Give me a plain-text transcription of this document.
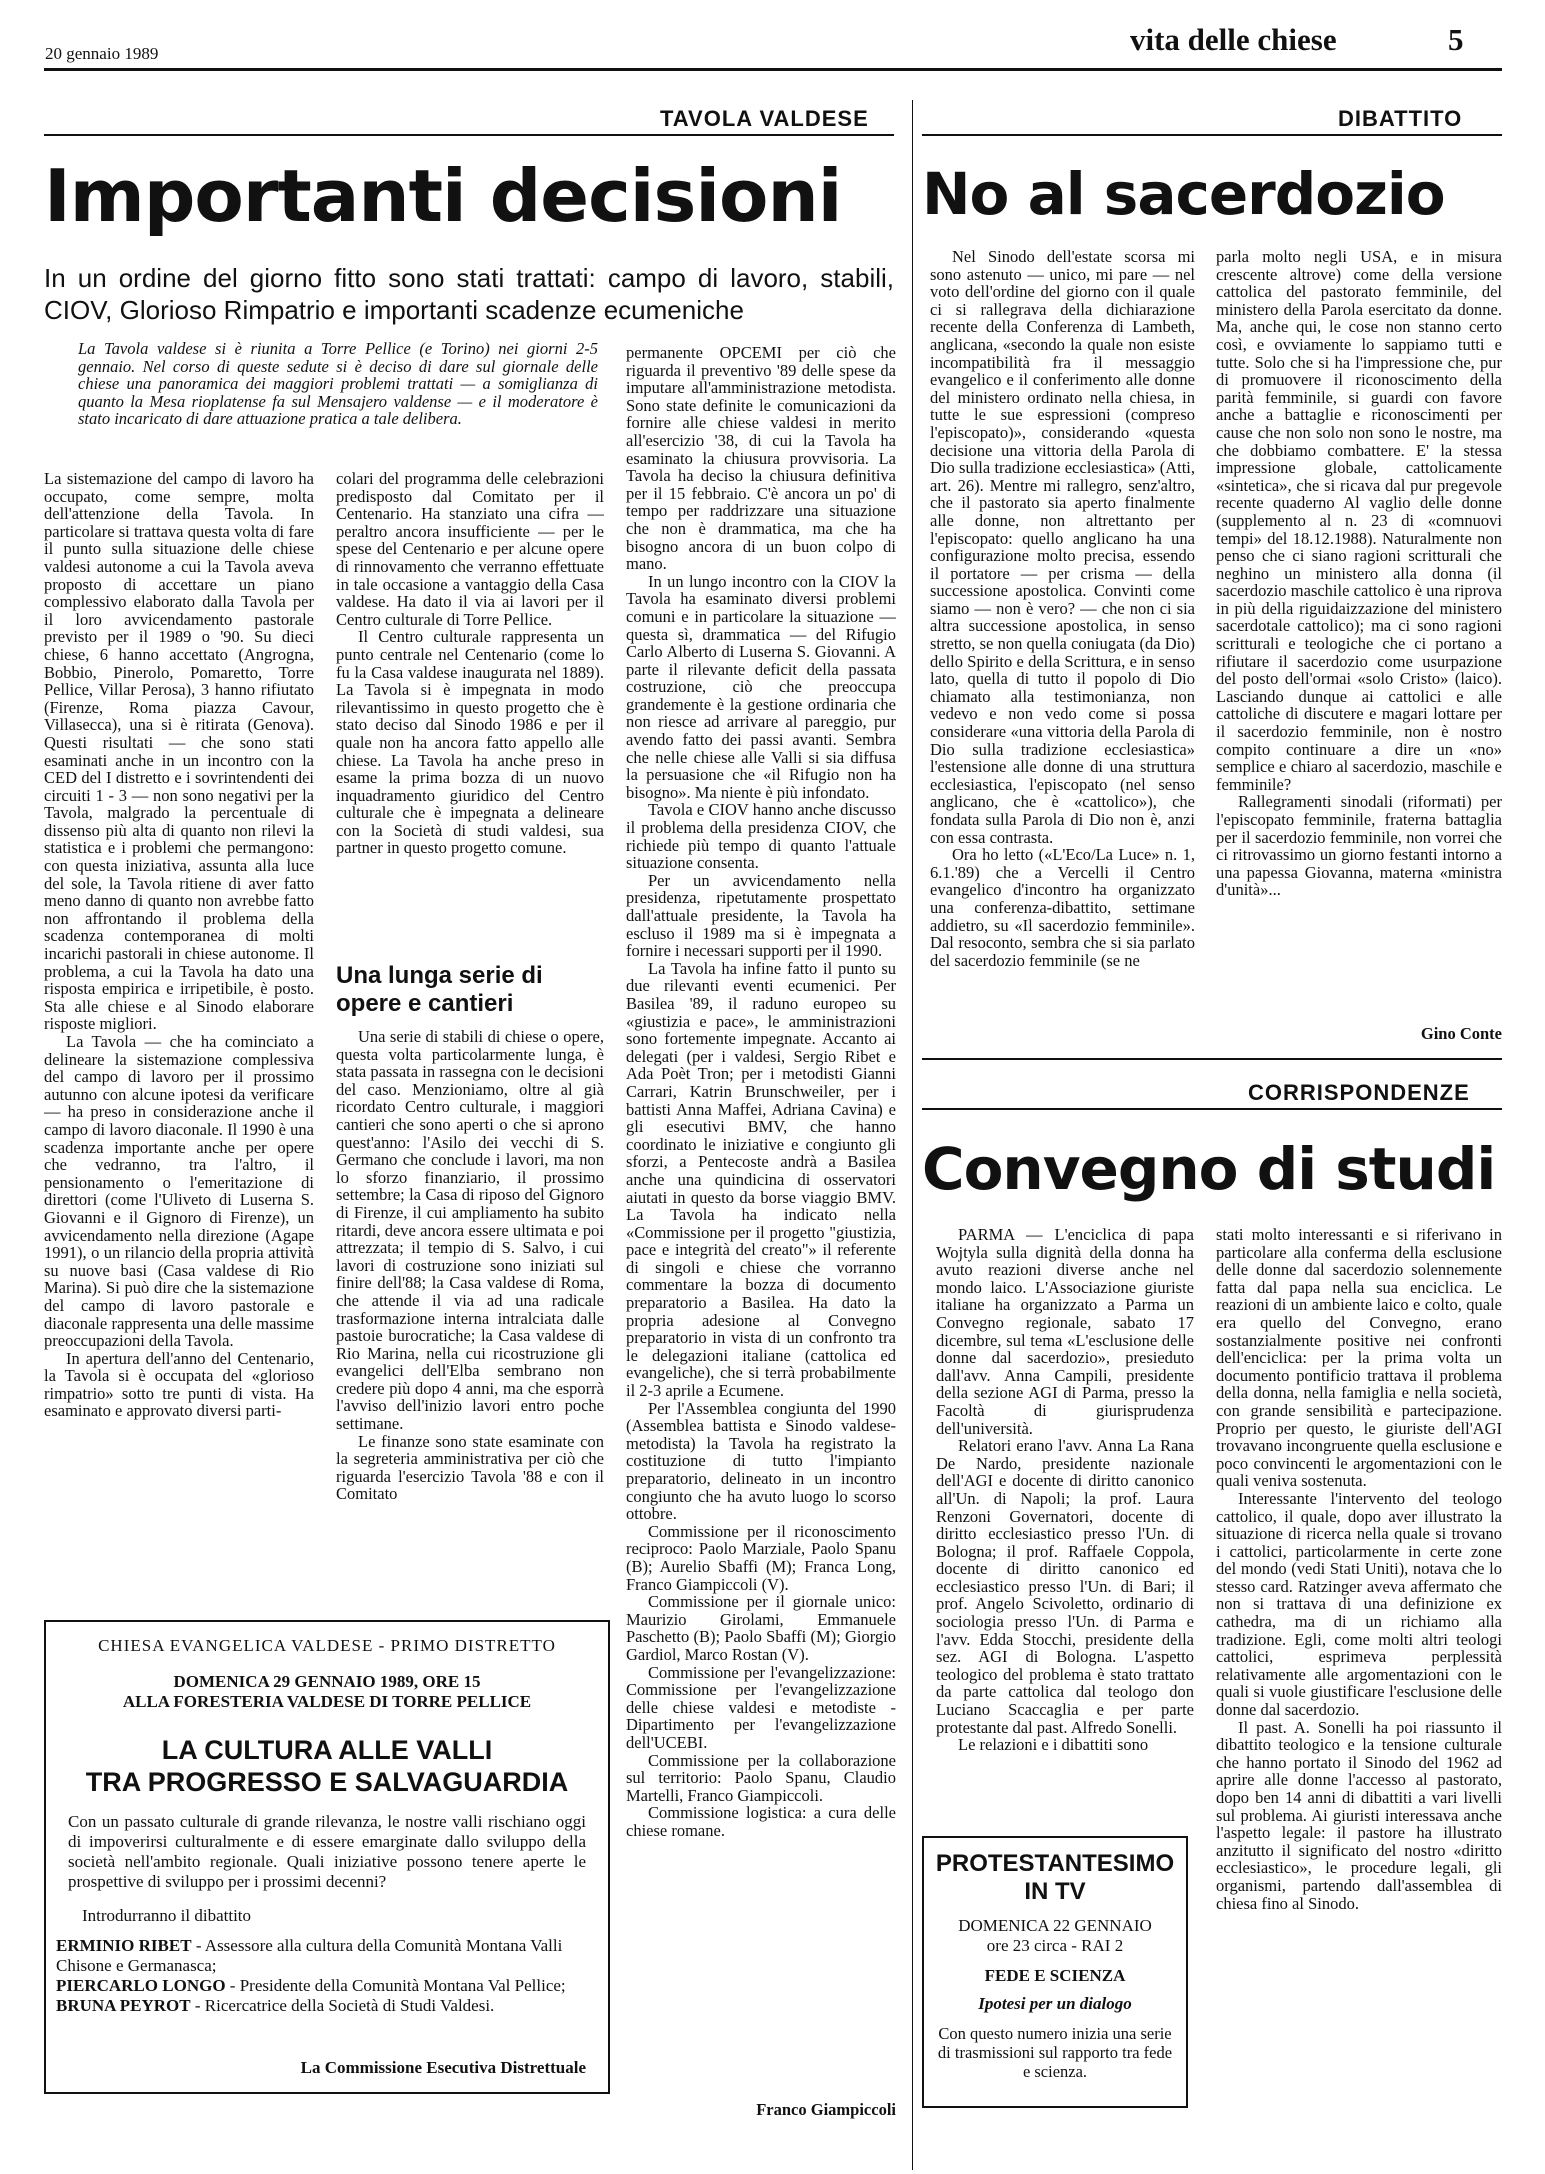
20 gennaio 1989	vita delle chiese	5
TAVOLA VALDESE
Importanti decisioni
In un ordine del giorno fitto sono stati trattati: campo di lavoro, stabili, CIOV, Glorioso Rimpatrio e importanti scadenze ecumeniche
La Tavola valdese si è riunita a Torre Pellice (e Torino) nei giorni 2-5 gennaio. Nel corso di queste sedute si è deciso di dare sul giornale delle chiese una panoramica dei maggiori problemi trattati — a somiglianza di quanto la Mesa rioplatense fa sul Mensajero valdense — e il moderatore è stato incaricato di dare attuazione pratica a tale delibera.

La sistemazione del campo di lavoro ha occupato, come sempre, molta dell'attenzione della Tavola. In particolare si trattava questa volta di fare il punto sulla situazione delle chiese valdesi autonome a cui la Tavola aveva proposto di accettare un piano complessivo elaborato dalla Tavola per il loro avvicendamento pastorale previsto per il 1989 o '90. Su dieci chiese, 6 hanno accettato (Angrogna, Bobbio, Pinerolo, Pomaretto, Torre Pellice, Villar Perosa), 3 hanno rifiutato (Firenze, Roma piazza Cavour, Villasecca), una si è ritirata (Genova). Questi risultati — che sono stati esaminati anche in un incontro con la CED del I distretto e i sovrintendenti dei circuiti 1 - 3 — non sono negativi per la Tavola, malgrado la percentuale di dissenso più alta di quanto non rilevi la statistica e i problemi che permangono: con questa iniziativa, assunta alla luce del sole, la Tavola ritiene di aver fatto meno danno di quanto non avrebbe fatto non affrontando il problema della scadenza contemporanea di molti incarichi pastorali in chiese autonome. Il problema, a cui la Tavola ha dato una risposta empirica e irripetibile, è posto. Sta alle chiese e al Sinodo elaborare risposte migliori.

La Tavola — che ha cominciato a delineare la sistemazione complessiva del campo di lavoro per il prossimo autunno con alcune ipotesi da verificare — ha preso in considerazione anche il campo di lavoro diaconale. Il 1990 è una scadenza importante anche per opere che vedranno, tra l'altro, il pensionamento o l'emeritazione di direttori (come l'Uliveto di Luserna S. Giovanni e il Gignoro di Firenze), un avvicendamento nella direzione (Agape 1991), o un rilancio della propria attività su nuove basi (Casa valdese di Rio Marina). Si può dire che la sistemazione del campo di lavoro pastorale e diaconale rappresenta una delle massime preoccupazioni della Tavola.

In apertura dell'anno del Centenario, la Tavola si è occupata del «glorioso rimpatrio» sotto tre punti di vista. Ha esaminato e approvato diversi parti-

colari del programma delle celebrazioni predisposto dal Comitato per il Centenario. Ha stanziato una cifra — peraltro ancora insufficiente — per le spese del Centenario e per alcune opere di rinnovamento che verranno effettuate in tale occasione a vantaggio della Casa valdese. Ha dato il via ai lavori per il Centro culturale di Torre Pellice.

Il Centro culturale rappresenta un punto centrale nel Centenario (come lo fu la Casa valdese inaugurata nel 1889). La Tavola si è impegnata in modo rilevantissimo in questo progetto che è stato deciso dal Sinodo 1986 e per il quale non ha ancora fatto appello alle chiese. La Tavola ha anche preso in esame la prima bozza di un nuovo inquadramento giuridico del Centro culturale che è impegnata a delineare con la Società di studi valdesi, sua partner in questo progetto comune.

Una lunga serie di opere e cantieri

Una serie di stabili di chiese o opere, questa volta particolarmente lunga, è stata passata in rassegna con le decisioni del caso. Menzioniamo, oltre al già ricordato Centro culturale, i maggiori cantieri che sono aperti o che si aprono quest'anno: l'Asilo dei vecchi di S. Germano che conclude i lavori, ma non lo sforzo finanziario, il prossimo settembre; la Casa di riposo del Gignoro di Firenze, il cui ampliamento ha subito ritardi, deve ancora essere ultimata e poi attrezzata; il tempio di S. Salvo, i cui lavori di costruzione sono iniziati sul finire dell'88; la Casa valdese di Roma, che attende il via ad una radicale trasformazione interna intralciata dalle pastoie burocratiche; la Casa valdese di Rio Marina, nella cui ricostruzione gli evangelici dell'Elba sembrano non credere più dopo 4 anni, ma che esporrà l'avviso dell'inizio lavori entro poche settimane.

Le finanze sono state esaminate con la segreteria amministrativa per ciò che riguarda l'esercizio Tavola '88 e con il Comitato

permanente OPCEMI per ciò che riguarda il preventivo '89 delle spese da imputare all'amministrazione metodista. Sono state definite le comunicazioni da fornire alle chiese valdesi in merito all'esercizio '38, di cui la Tavola ha esaminato la chiusura provvisoria. La Tavola ha deciso la chiusura definitiva per il 15 febbraio. C'è ancora un po' di tempo per raddrizzare una situazione che non è drammatica, ma che ha bisogno ancora di un buon colpo di mano.

In un lungo incontro con la CIOV la Tavola ha esaminato diversi problemi comuni e in particolare la situazione — questa sì, drammatica — del Rifugio Carlo Alberto di Luserna S. Giovanni. A parte il rilevante deficit della passata costruzione, ciò che preoccupa grandemente è la gestione ordinaria che non riesce ad arrivare al pareggio, pur avendo fatto dei passi avanti. Sembra che nelle chiese alle Valli si sia diffusa la persuasione che «il Rifugio non ha bisogno». Ma niente è più infondato.

Tavola e CIOV hanno anche discusso il problema della presidenza CIOV, che richiede più tempo di quanto l'attuale situazione consenta.

Per un avvicendamento nella presidenza, ripetutamente prospettato dall'attuale presidente, la Tavola ha escluso il 1989 ma si è impegnata a fornire i necessari supporti per il 1990.

La Tavola ha infine fatto il punto su due rilevanti eventi ecumenici. Per Basilea '89, il raduno europeo su «giustizia e pace», le amministrazioni sono fortemente impegnate. Accanto ai delegati (per i valdesi, Sergio Ribet e Ada Poèt Tron; per i metodisti Gianni Carrari, Katrin Brunschweiler, per i battisti Anna Maffei, Adriana Cavina) e gli esecutivi BMV, che hanno coordinato le iniziative e congiunto gli sforzi, a Pentecoste andrà a Basilea anche una quindicina di osservatori aiutati in questo da borse viaggio BMV. La Tavola ha indicato nella «Commissione per il progetto "giustizia, pace e integrità del creato"» il referente di singoli e chiese che vorranno commentare la bozza di documento preparatorio a Basilea. Ha dato la propria adesione al Convegno preparatorio in vista di un confronto tra le delegazioni italiane (cattolica ed evangeliche), che si terrà probabilmente il 2-3 aprile a Ecumene.

Per l'Assemblea congiunta del 1990 (Assemblea battista e Sinodo valdese-metodista) la Tavola ha registrato la costituzione di tutto l'impianto preparatorio, delineato in un incontro congiunto che ha avuto luogo lo scorso ottobre.

Commissione per il riconoscimento reciproco: Paolo Marziale, Paolo Spanu (B); Aurelio Sbaffi (M); Franca Long, Franco Giampiccoli (V).

Commissione per il giornale unico: Maurizio Girolami, Emmanuele Paschetto (B); Paolo Sbaffi (M); Giorgio Gardiol, Marco Rostan (V).

Commissione per l'evangelizzazione: Commissione per l'evangelizzazione delle chiese valdesi e metodiste - Dipartimento per l'evangelizzazione dell'UCEBI.

Commissione per la collaborazione sul territorio: Paolo Spanu, Claudio Martelli, Franco Giampiccoli.

Commissione logistica: a cura delle chiese romane.

Franco Giampiccoli
CHIESA EVANGELICA VALDESE - PRIMO DISTRETTO
DOMENICA 29 GENNAIO 1989, ORE 15
ALLA FORESTERIA VALDESE DI TORRE PELLICE
LA CULTURA ALLE VALLI
TRA PROGRESSO E SALVAGUARDIA
Con un passato culturale di grande rilevanza, le nostre valli rischiano oggi di impoverirsi culturalmente e di essere emarginate dallo sviluppo della società nell'ambito regionale. Quali iniziative possono tenere aperte le prospettive di sviluppo per i prossimi decenni?
Introdurranno il dibattito
ERMINIO RIBET - Assessore alla cultura della Comunità Montana Valli Chisone e Germanasca;
PIERCARLO LONGO - Presidente della Comunità Montana Val Pellice;
BRUNA PEYROT - Ricercatrice della Società di Studi Valdesi.
La Commissione Esecutiva Distrettuale
DIBATTITO
No al sacerdozio

Nel Sinodo dell'estate scorsa mi sono astenuto — unico, mi pare — nel voto dell'ordine del giorno con il quale ci si rallegrava della dichiarazione recente della Conferenza di Lambeth, anglicana, «secondo la quale non esiste incompatibilità fra il messaggio evangelico e il conferimento alle donne del ministero ordinato nella chiesa, in tutte le sue espressioni (compreso l'episcopato)», considerando «questa decisione una vittoria della Parola di Dio sulla tradizione ecclesiastica» (Atti, art. 26). Mentre mi rallegro, senz'altro, che il pastorato sia aperto finalmente alle donne, non altrettanto per l'episcopato: quello anglicano ha una configurazione molto precisa, essendo il portatore — per crisma — della successione apostolica. Convinti come siamo — non è vero? — che non ci sia altra successione apostolica, in senso stretto, se non quella coniugata (da Dio) dello Spirito e della Scrittura, e in senso lato, quella di tutto il popolo di Dio chiamato alla testimonianza, non vedevo e non vedo come si possa considerare «una vittoria della Parola di Dio sulla tradizione ecclesiastica» l'estensione alle donne di una struttura ecclesiastica, l'episcopato (nel senso anglicano, che è «cattolico»), che fondata sulla Parola di Dio non è, anzi con essa contrasta.

Ora ho letto («L'Eco/La Luce» n. 1, 6.1.'89) che a Vercelli il Centro evangelico d'incontro ha organizzato una conferenza-dibattito, settimane addietro, su «Il sacerdozio femminile». Dal resoconto, sembra che si sia parlato del sacerdozio femminile (se ne

parla molto negli USA, e in misura crescente altrove) come della versione cattolica del pastorato femminile, del ministero della Parola esercitato da donne. Ma, anche qui, le cose non stanno certo così, e ovviamente lo sappiamo tutti e tutte. Solo che si ha l'impressione che, pur di promuovere il riconoscimento della parità femminile, si guardi con favore anche a battaglie e riconoscimenti per cause che non solo non sono le nostre, ma che dobbiamo combattere. E' la stessa impressione globale, cattolicamente «sintetica», che si ricava dal pur pregevole recente quaderno Al vaglio delle donne (supplemento al n. 23 di «comnuovi tempi» del 18.12.1988). Naturalmente non penso che ci siano ragioni scritturali che neghino un ministero alla donna (il sacerdozio maschile cattolico è una riprova in più della riguidaizzazione del ministero sacerdotale cattolico); ma ci sono ragioni scritturali e teologiche che ci portano a rifiutare il sacerdozio come usurpazione del posto dell'ormai «solo Cristo» (laico). Lasciando dunque ai cattolici e alle cattoliche di discutere e magari lottare per il sacerdozio femminile, non è nostro compito continuare a dire un «no» semplice e chiaro al sacerdozio, maschile e femminile?

Rallegramenti sinodali (riformati) per l'episcopato femminile, fraterna battaglia per il sacerdozio femminile, non vorrei che ci ritrovassimo un giorno festanti intorno a una papessa Giovanna, materna «ministra d'unità»...

Gino Conte
CORRISPONDENZE
Convegno di studi

PARMA — L'enciclica di papa Wojtyla sulla dignità della donna ha avuto reazioni diverse anche nel mondo laico. L'Associazione giuriste italiane ha organizzato a Parma un Convegno regionale, sabato 17 dicembre, sul tema «L'esclusione delle donne dal sacerdozio», presieduto dall'avv. Anna Campili, presidente della sezione AGI di Parma, presso la Facoltà di giurisprudenza dell'università.

Relatori erano l'avv. Anna La Rana De Nardo, presidente nazionale dell'AGI e docente di diritto canonico all'Un. di Napoli; la prof. Laura Renzoni Governatori, docente di diritto ecclesiastico presso l'Un. di Bologna; il prof. Raffaele Coppola, docente di diritto canonico ed ecclesiastico presso l'Un. di Bari; il prof. Angelo Scivoletto, ordinario di sociologia presso l'Un. di Parma e l'avv. Edda Stocchi, presidente della sez. AGI di Bologna. L'aspetto teologico del problema è stato trattato da parte cattolica dal teologo don Luciano Scaccaglia e per parte protestante dal past. Alfredo Sonelli.

Le relazioni e i dibattiti sono

stati molto interessanti e si riferivano in particolare alla conferma della esclusione delle donne dal sacerdozio solennemente fatta dal papa nella sua enciclica. Le reazioni di un ambiente laico e colto, quale era quello del Convegno, erano sostanzialmente positive nei confronti dell'enciclica: per la prima volta un documento pontificio trattava il problema della donna, nella famiglia e nella società, con grande sensibilità e partecipazione. Proprio per questo, le giuriste dell'AGI trovavano incongruente quella esclusione e poco convincenti le argomentazioni con le quali veniva sostenuta.

Interessante l'intervento del teologo cattolico, il quale, dopo aver illustrato la situazione di ricerca nella quale si trovano i cattolici, particolarmente in certe zone del mondo (vedi Stati Uniti), notava che lo stesso card. Ratzinger aveva affermato che non si trattava di una definizione ex cathedra, ma di un richiamo alla tradizione. Egli, come molti altri teologi cattolici, esprimeva perplessità relativamente alle argomentazioni con le quali si vuole giustificare l'esclusione delle donne dal sacerdozio.

Il past. A. Sonelli ha poi riassunto il dibattito teologico e la tensione culturale che hanno portato il Sinodo del 1962 ad aprire alle donne l'accesso al pastorato, dopo ben 14 anni di dibattiti a vari livelli sul problema. Ai giuristi interessava anche l'aspetto legale: il pastore ha illustrato anzitutto il significato del nostro «diritto ecclesiastico», le procedure legali, gli organismi, partendo dall'assemblea di chiesa fino al Sinodo.

PROTESTANTESIMO
IN TV
DOMENICA 22 GENNAIO
ore 23 circa - RAI 2
FEDE E SCIENZA
Ipotesi per un dialogo
Con questo numero inizia una serie di trasmissioni sul rapporto tra fede e scienza.
